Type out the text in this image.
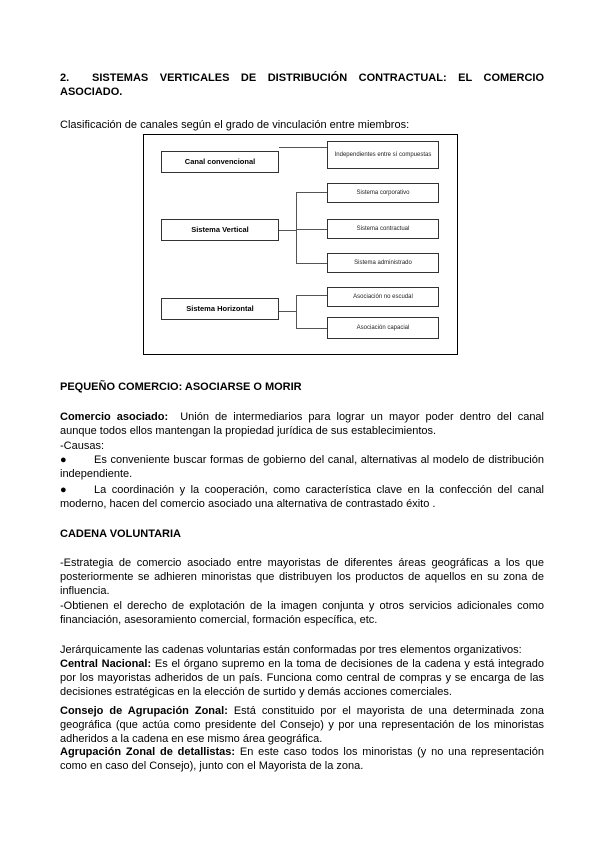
2. SISTEMAS VERTICALES DE DISTRIBUCIÓN CONTRACTUAL: EL COMERCIO ASOCIADO.
Clasificación de canales según el grado de vinculación entre miembros:
Canal convencional
Sistema Vertical
Sistema Horizontal
Independientes entre sí compuestas
Sistema corporativo
Sistema contractual
Sistema administrado
Asociación no escudal
Asociación capacial
PEQUEÑO COMERCIO: ASOCIARSE O MORIR
Comercio asociado: Unión de intermediarios para lograr un mayor poder dentro del canal aunque todos ellos mantengan la propiedad jurídica de sus establecimientos.
-Causas:
● Es conveniente buscar formas de gobierno del canal, alternativas al modelo de distribución independiente.
● La coordinación y la cooperación, como característica clave en la confección del canal moderno, hacen del comercio asociado una alternativa de contrastado éxito .
CADENA VOLUNTARIA
-Estrategia de comercio asociado entre mayoristas de diferentes áreas geográficas a los que posteriormente se adhieren minoristas que distribuyen los productos de aquellos en su zona de influencia.
-Obtienen el derecho de explotación de la imagen conjunta y otros servicios adicionales como financiación, asesoramiento comercial, formación específica, etc.
Jerárquicamente las cadenas voluntarias están conformadas por tres elementos organizativos:
Central Nacional: Es el órgano supremo en la toma de decisiones de la cadena y está integrado por los mayoristas adheridos de un país. Funciona como central de compras y se encarga de las decisiones estratégicas en la elección de surtido y demás acciones comerciales.
Consejo de Agrupación Zonal: Está constituido por el mayorista de una determinada zona geográfica (que actúa como presidente del Consejo) y por una representación de los minoristas adheridos a la cadena en ese mismo área geográfica.
Agrupación Zonal de detallistas: En este caso todos los minoristas (y no una representación como en caso del Consejo), junto con el Mayorista de la zona.
